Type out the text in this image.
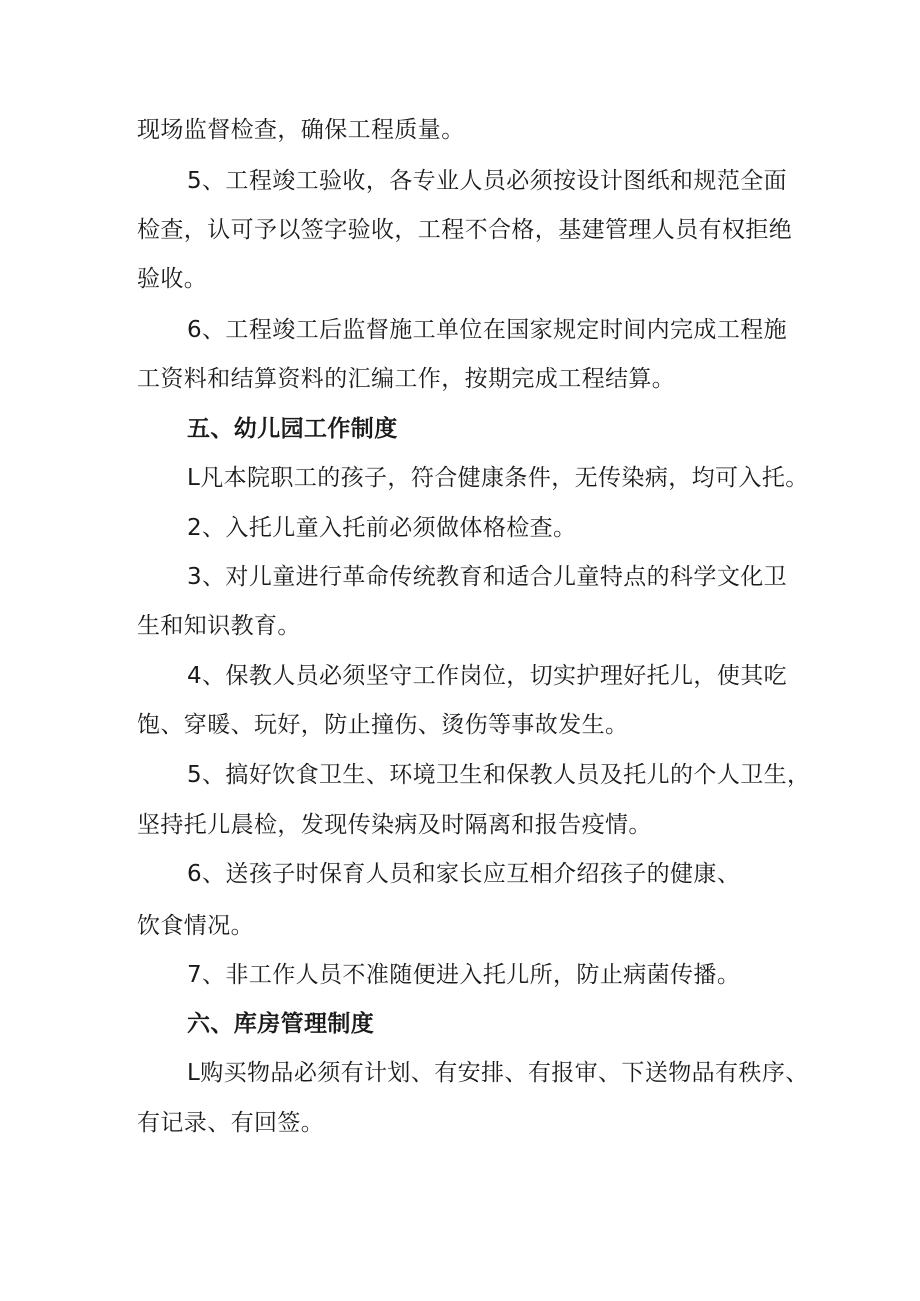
现场监督检查，确保工程质量。
5、工程竣工验收，各专业人员必须按设计图纸和规范全面
检查，认可予以签字验收，工程不合格，基建管理人员有权拒绝
验收。
6、工程竣工后监督施工单位在国家规定时间内完成工程施
工资料和结算资料的汇编工作，按期完成工程结算。
五、幼儿园工作制度
L凡本院职工的孩子，符合健康条件，无传染病，均可入托。
2、入托儿童入托前必须做体格检查。
3、对儿童进行革命传统教育和适合儿童特点的科学文化卫
生和知识教育。
4、保教人员必须坚守工作岗位，切实护理好托儿，使其吃
饱、穿暖、玩好，防止撞伤、烫伤等事故发生。
5、搞好饮食卫生、环境卫生和保教人员及托儿的个人卫生，
坚持托儿晨检，发现传染病及时隔离和报告疫情。
6、送孩子时保育人员和家长应互相介绍孩子的健康、
饮食情况。
7、非工作人员不准随便进入托儿所，防止病菌传播。
六、库房管理制度
L购买物品必须有计划、有安排、有报审、下送物品有秩序、
有记录、有回签。
